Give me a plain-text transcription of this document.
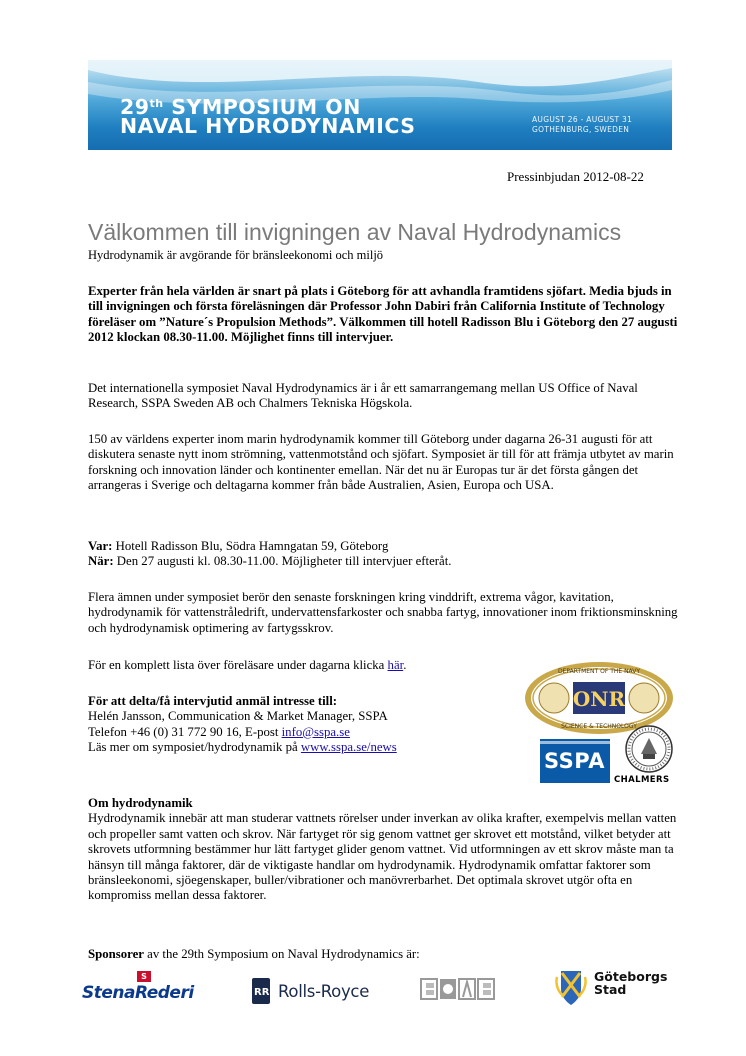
29th SYMPOSIUM ON
NAVAL HYDRODYNAMICS	AUGUST 26 - AUGUST 31
GOTHENBURG, SWEDEN
Pressinbjudan 2012-08-22
Välkommen till invigningen av Naval Hydrodynamics
Hydrodynamik är avgörande för bränsleekonomi och miljö
Experter från hela världen är snart på plats i Göteborg för att avhandla framtidens sjöfart. Media bjuds in till invigningen och första föreläsningen där Professor John Dabiri från California Institute of Technology föreläser om ”Nature´s Propulsion Methods”. Välkommen till hotell Radisson Blu i Göteborg den 27 augusti 2012 klockan 08.30-11.00. Möjlighet finns till intervjuer.
Det internationella symposiet Naval Hydrodynamics är i år ett samarrangemang mellan US Office of Naval Research, SSPA Sweden AB och Chalmers Tekniska Högskola.
150 av världens experter inom marin hydrodynamik kommer till Göteborg under dagarna 26-31 augusti för att diskutera senaste nytt inom strömning, vattenmotstånd och sjöfart. Symposiet är till för att främja utbytet av marin forskning och innovation länder och kontinenter emellan. När det nu är Europas tur är det första gången det arrangeras i Sverige och deltagarna kommer från både Australien, Asien, Europa och USA.
Var: Hotell Radisson Blu, Södra Hamngatan 59, Göteborg
När: Den 27 augusti kl. 08.30-11.00. Möjligheter till intervjuer efteråt.
Flera ämnen under symposiet berör den senaste forskningen kring vinddrift, extrema vågor, kavitation, hydrodynamik för vattenstråledrift, undervattensfarkoster och snabba fartyg, innovationer inom friktionsminskning och hydrodynamisk optimering av fartygsskrov.
För en komplett lista över föreläsare under dagarna klicka här.
För att delta/få intervjutid anmäl intresse till:
Helén Jansson, Communication & Market Manager, SSPA
Telefon +46 (0) 31 772 90 16, E-post info@sspa.se
Läs mer om symposiet/hydrodynamik på www.sspa.se/news
ONR
DEPARTMENT OF THE NAVY
SCIENCE & TECHNOLOGY
SSPA
CHALMERS
Om hydrodynamik
Hydrodynamik innebär att man studerar vattnets rörelser under inverkan av olika krafter, exempelvis mellan vatten och propeller samt vatten och skrov. När fartyget rör sig genom vattnet ger skrovet ett motstånd, vilket betyder att skrovets utformning bestämmer hur lätt fartyget glider genom vattnet. Vid utformningen av ett skrov måste man ta hänsyn till många faktorer, där de viktigaste handlar om hydrodynamik. Hydrodynamik omfattar faktorer som bränsleekonomi, sjöegenskaper, buller/vibrationer och manövrerbarhet. Det optimala skrovet utgör ofta en kompromiss mellan dessa faktorer.
Sponsorer av the 29th Symposium on Naval Hydrodynamics är:
S
StenaRederi	RR Rolls-Royce
Göteborgs
Stad
